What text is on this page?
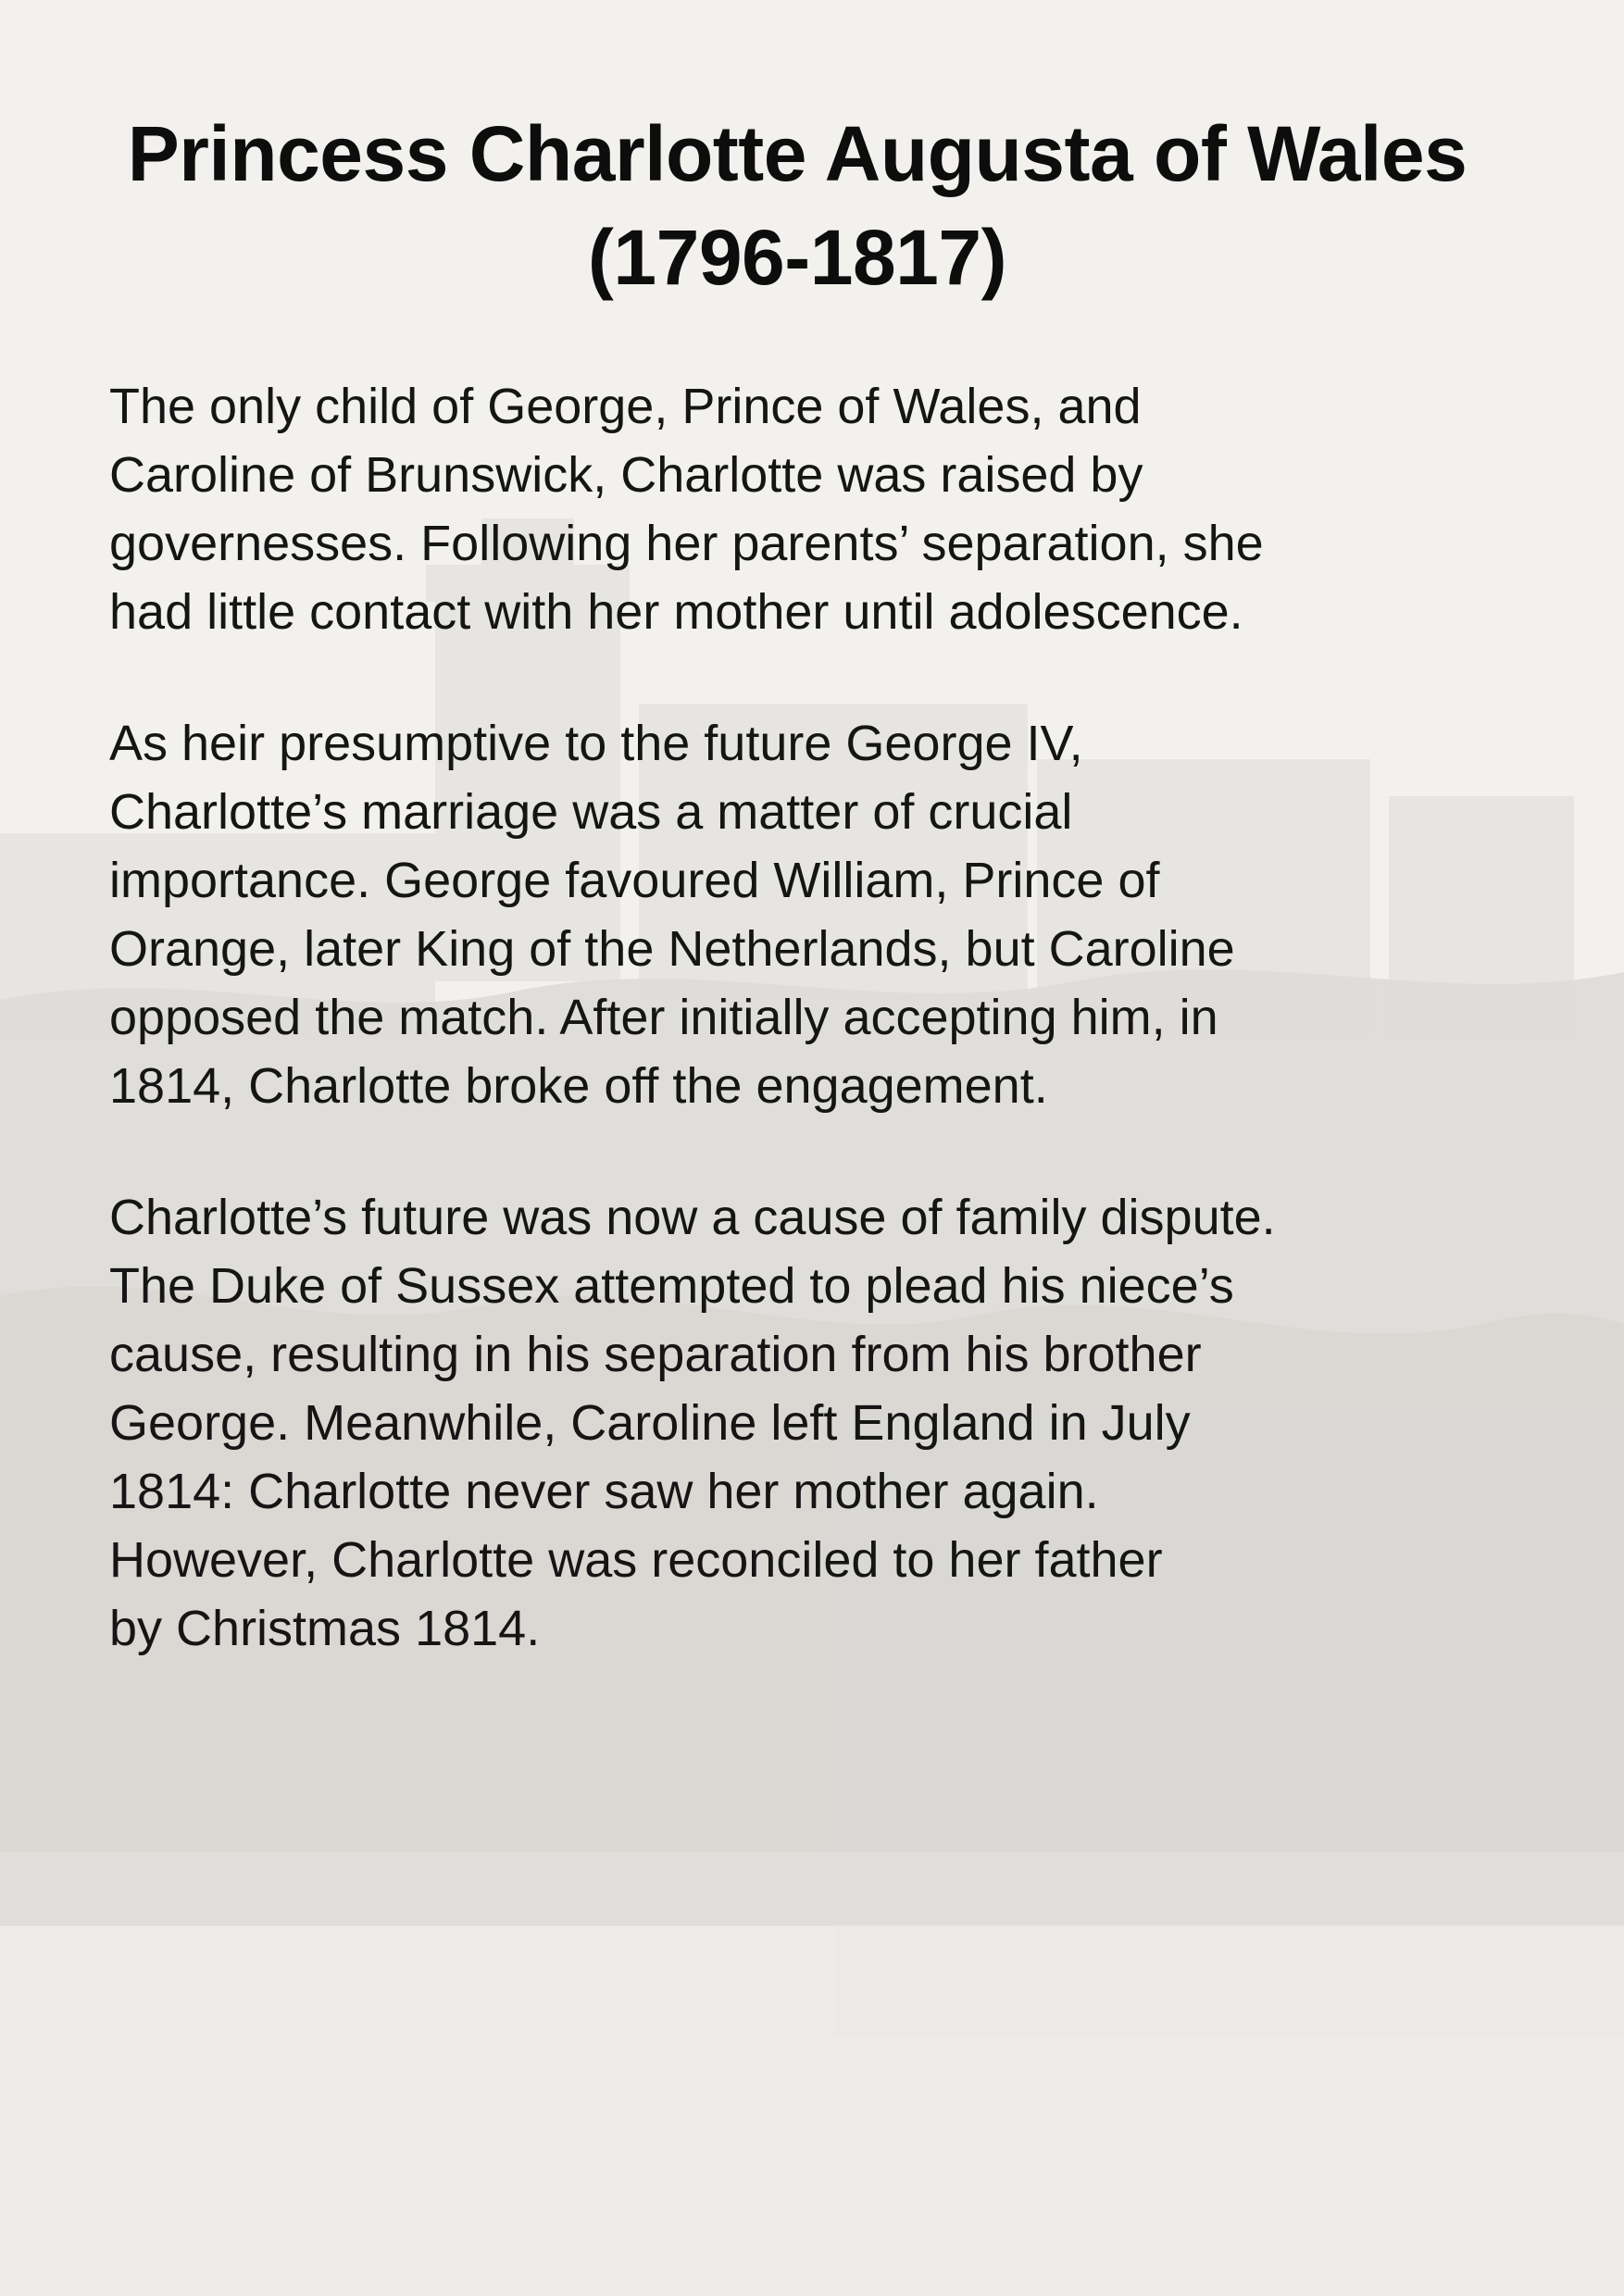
Princess Charlotte Augusta of Wales (1796-1817)

The only child of George, Prince of Wales, and
Caroline of Brunswick, Charlotte was raised by
governesses. Following her parents’ separation, she
had little contact with her mother until adolescence.

As heir presumptive to the future George IV,
Charlotte’s marriage was a matter of crucial
importance. George favoured William, Prince of
Orange, later King of the Netherlands, but Caroline
opposed the match. After initially accepting him, in
1814, Charlotte broke off the engagement.

Charlotte’s future was now a cause of family dispute.
The Duke of Sussex attempted to plead his niece’s
cause, resulting in his separation from his brother
George. Meanwhile, Caroline left England in July
1814: Charlotte never saw her mother again.
However, Charlotte was reconciled to her father
by Christmas 1814.
